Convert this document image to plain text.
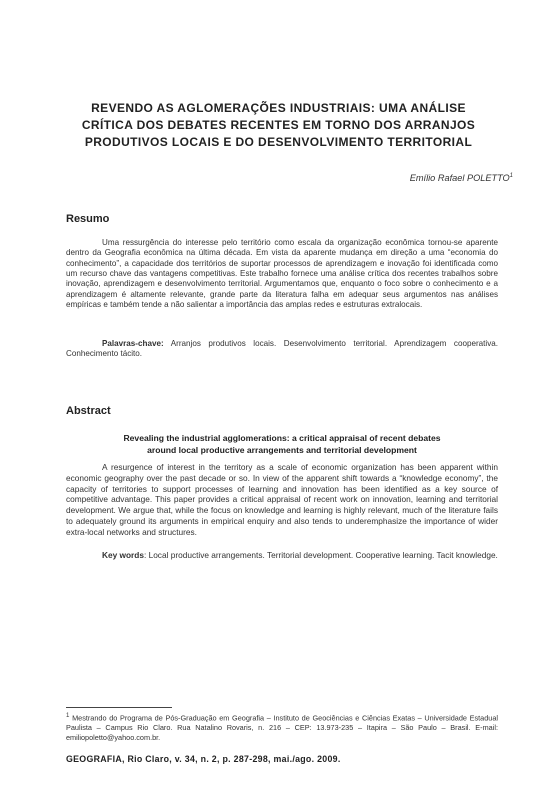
REVENDO AS AGLOMERAÇÕES INDUSTRIAIS: UMA ANÁLISE
CRÍTICA DOS DEBATES RECENTES EM TORNO DOS ARRANJOS
PRODUTIVOS LOCAIS E DO DESENVOLVIMENTO TERRITORIAL
Emílio Rafael POLETTO$^1$
Resumo

Uma ressurgência do interesse pelo território como escala da organização econômica tornou-se aparente dentro da Geografia econômica na última década. Em vista da aparente mudança em direção a uma “economia do conhecimento”, a capacidade dos territórios de suportar processos de aprendizagem e inovação foi identificada como um recurso chave das vantagens competitivas. Este trabalho fornece uma análise crítica dos recentes trabalhos sobre inovação, aprendizagem e desenvolvimento territorial. Argumentamos que, enquanto o foco sobre o conhecimento e a aprendizagem é altamente relevante, grande parte da literatura falha em adequar seus argumentos nas análises empíricas e também tende a não salientar a importância das amplas redes e estruturas extralocais.

Palavras-chave: Arranjos produtivos locais. Desenvolvimento territorial. Aprendizagem cooperativa. Conhecimento tácito.

Abstract
Revealing the industrial agglomerations: a critical appraisal of recent debates
around local productive arrangements and territorial development

A resurgence of interest in the territory as a scale of economic organization has been apparent within economic geography over the past decade or so. In view of the apparent shift towards a “knowledge economy”, the capacity of territories to support processes of learning and innovation has been identified as a key source of competitive advantage. This paper provides a critical appraisal of recent work on innovation, learning and territorial development. We argue that, while the focus on knowledge and learning is highly relevant, much of the literature fails to adequately ground its arguments in empirical enquiry and also tends to underemphasize the importance of wider extra-local networks and structures.

Key words: Local productive arrangements. Territorial development. Cooperative learning. Tacit knowledge.

$^1$ Mestrando do Programa de Pós-Graduação em Geografia – Instituto de Geociências e Ciências Exatas – Universidade Estadual Paulista – Campus Rio Claro. Rua Natalino Rovaris, n. 216 – CEP: 13.973-235 – Itapira – São Paulo – Brasil. E-mail: emiliopoletto@yahoo.com.br.

GEOGRAFIA, Rio Claro, v. 34, n. 2, p. 287-298, mai./ago. 2009.
